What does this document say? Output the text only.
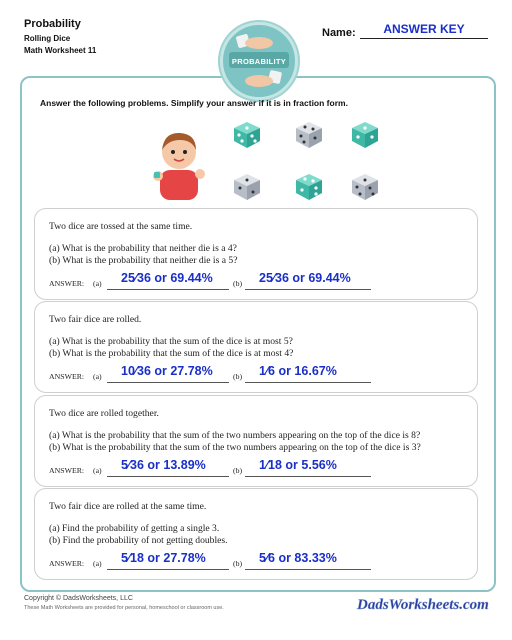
Probability
Rolling Dice
Math Worksheet 11
Name:	ANSWER KEY
PROBABILITY
Answer the following problems. Simplify your answer if it is in fraction form.
Two dice are tossed at the same time.
(a) What is the probability that neither die is a 4?
(b) What is the probability that neither die is a 5?
ANSWER: (a) 25⁄36 or 69.44%	(b) 25⁄36 or 69.44%
Two fair dice are rolled.
(a) What is the probability that the sum of the dice is at most 5?
(b) What is the probability that the sum of the dice is at most 4?
ANSWER: (a) 10⁄36 or 27.78%	(b) 1⁄6 or 16.67%
Two dice are rolled together.
(a) What is the probability that the sum of the two numbers appearing on the top of the dice is 8?
(b) What is the probability that the sum of the two numbers appearing on the top of the dice is 3?
ANSWER: (a) 5⁄36 or 13.89%	(b) 1⁄18 or 5.56%
Two fair dice are rolled at the same time.
(a) Find the probability of getting a single 3.
(b) Find the probability of not getting doubles.
ANSWER: (a) 5⁄18 or 27.78%	(b) 5⁄6 or 83.33%
Copyright © DadsWorksheets, LLC
These Math Worksheets are provided for personal, homeschool or classroom use.	DadsWorksheets.com
